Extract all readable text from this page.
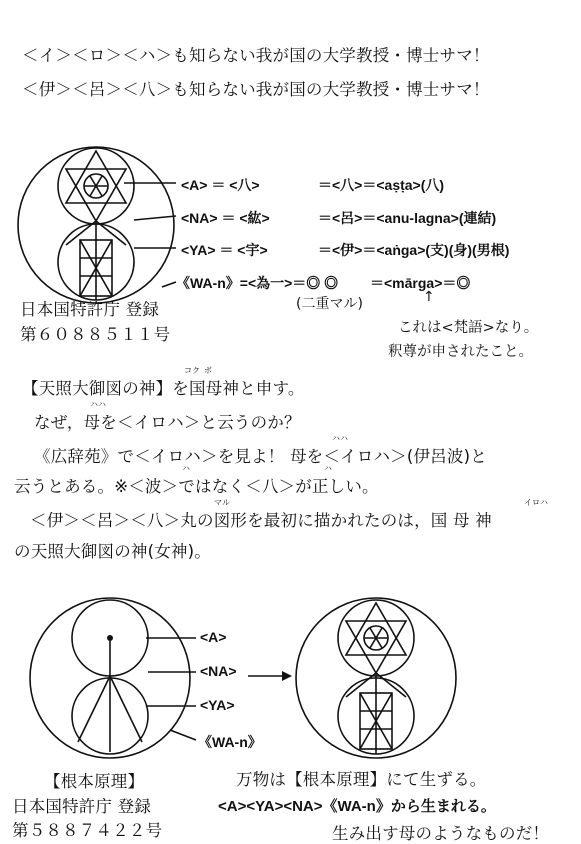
＜イ＞＜ロ＞＜ハ＞も知らない我が国の大学教授・博士サマ！
＜伊＞＜呂＞＜八＞も知らない我が国の大学教授・博士サマ！
<A> ＝ <八>	＝<八>＝<aṣṭa>(八)
<NA> ＝ <紘>	＝<呂>＝<anu-lagna>(連結)
<YA> ＝ <宇>	＝<伊>＝<aṅga>(支)(身)(男根)
《WA-n》=<為一>＝◎ ◎ ＝<mārga>＝◎
(二重マル)	↑
日本国特許庁 登録
第６０８８５１１号	これは<梵語>なり。
釈尊が申されたこと。
【天照大御図の神】を国母神と申す。
コク ボ
なぜ，母を＜イロハ＞と云うのか？
ハハ
《広辞苑》で＜イロハ＞を見よ！ 母を＜イロハ＞(伊呂波)と
ハハ
云うとある。※＜波＞ではなく＜八＞が正しい。
ハ	ハ
＜伊＞＜呂＞＜八＞丸の図形を最初に描かれたのは，国 母 神
マル	イロハ
の天照大御図の神(女神)。
<A>
<NA>
<YA>
《WA-n》
【根本原理】
日本国特許庁 登録
第５８８７４２２号
万物は【根本原理】にて生ずる。
<A><YA><NA>《WA-n》から生まれる。
生み出す母のようなものだ！
